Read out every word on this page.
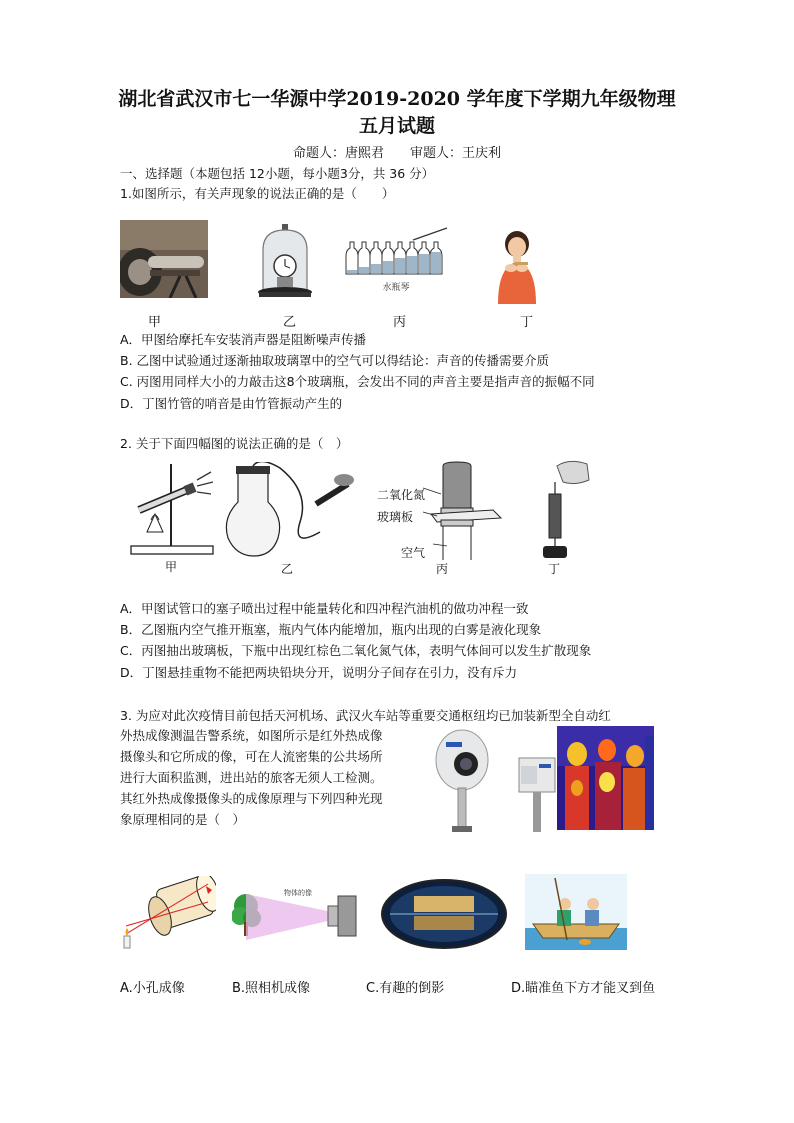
湖北省武汉市七一华源中学2019-2020 学年度下学期九年级物理
五月试题
命题人：唐熙君　　审题人：王庆利
一、选择题（本题包括 12小题，每小题3分，共 36 分）
1.如图所示，有关声现象的说法正确的是（　　）
水瓶琴
甲	乙	丙	丁
A．甲图给摩托车安装消声器是阻断噪声传播
B. 乙图中试验通过逐渐抽取玻璃罩中的空气可以得结论：声音的传播需要介质
C. 丙图用同样大小的力敲击这8个玻璃瓶，会发出不同的声音主要是指声音的振幅不同
D．丁图竹管的哨音是由竹管振动产生的
2. 关于下面四幅图的说法正确的是（　）
甲	乙
二氧化氮
玻璃板
空气
丙	丁
A．甲图试管口的塞子喷出过程中能量转化和四冲程汽油机的做功冲程一致
B．乙图瓶内空气推开瓶塞，瓶内气体内能增加，瓶内出现的白雾是液化现象
C．丙图抽出玻璃板，下瓶中出现红棕色二氧化氮气体，表明气体间可以发生扩散现象
D．丁图悬挂重物不能把两块铅块分开，说明分子间存在引力，没有斥力
3. 为应对此次疫情目前包括天河机场、武汉火车站等重要交通枢纽均已加装新型全自动红
外热成像测温告警系统，如图所示是红外热成像
摄像头和它所成的像，可在人流密集的公共场所
进行大面积监测，进出站的旅客无须人工检测。
其红外热成像摄像头的成像原理与下列四种光现
象原理相同的是（　）
物体的像
A.小孔成像	B.照相机成像	C.有趣的倒影	D.瞄准鱼下方才能叉到鱼
